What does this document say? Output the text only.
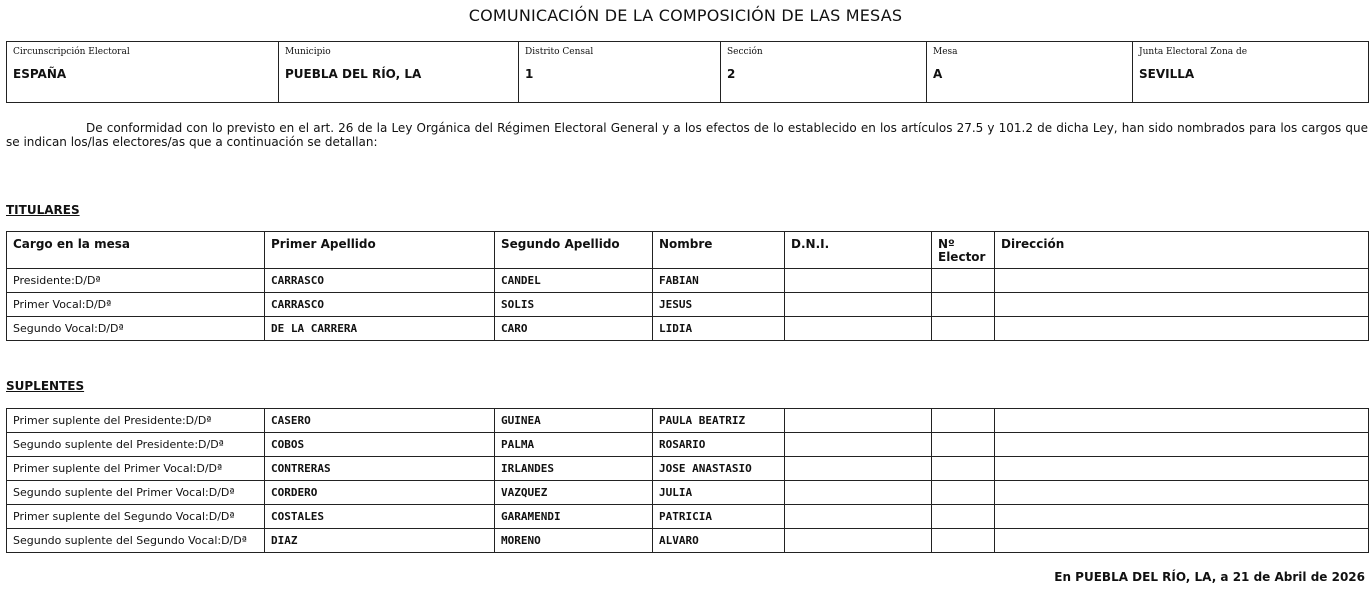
COMUNICACIÓN DE LA COMPOSICIÓN DE LAS MESAS
Circunscripción Electoral
ESPAÑA

Municipio
PUEBLA DEL RÍO, LA

Distrito Censal
1

Sección
2

Mesa
A

Junta Electoral Zona de
SEVILLA
De conformidad con lo previsto en el art. 26 de la Ley Orgánica del Régimen Electoral General y a los efectos de lo establecido en los artículos 27.5 y 101.2 de dicha Ley, han sido nombrados para los cargos que se indican los/las electores/as que a continuación se detallan:
TITULARES
Cargo en la mesa	Primer Apellido	Segundo Apellido	Nombre	D.N.I.	Nº Elector	Dirección
Presidente:D/Dª	CARRASCO	CANDEL	FABIAN			
Primer Vocal:D/Dª	CARRASCO	SOLIS	JESUS			
Segundo Vocal:D/Dª	DE LA CARRERA	CARO	LIDIA			
SUPLENTES
Primer suplente del Presidente:D/Dª	CASERO	GUINEA	PAULA BEATRIZ			
Segundo suplente del Presidente:D/Dª	COBOS	PALMA	ROSARIO			
Primer suplente del Primer Vocal:D/Dª	CONTRERAS	IRLANDES	JOSE ANASTASIO			
Segundo suplente del Primer Vocal:D/Dª	CORDERO	VAZQUEZ	JULIA			
Primer suplente del Segundo Vocal:D/Dª	COSTALES	GARAMENDI	PATRICIA			
Segundo suplente del Segundo Vocal:D/Dª	DIAZ	MORENO	ALVARO			
En PUEBLA DEL RÍO, LA, a 21 de Abril de 2026
